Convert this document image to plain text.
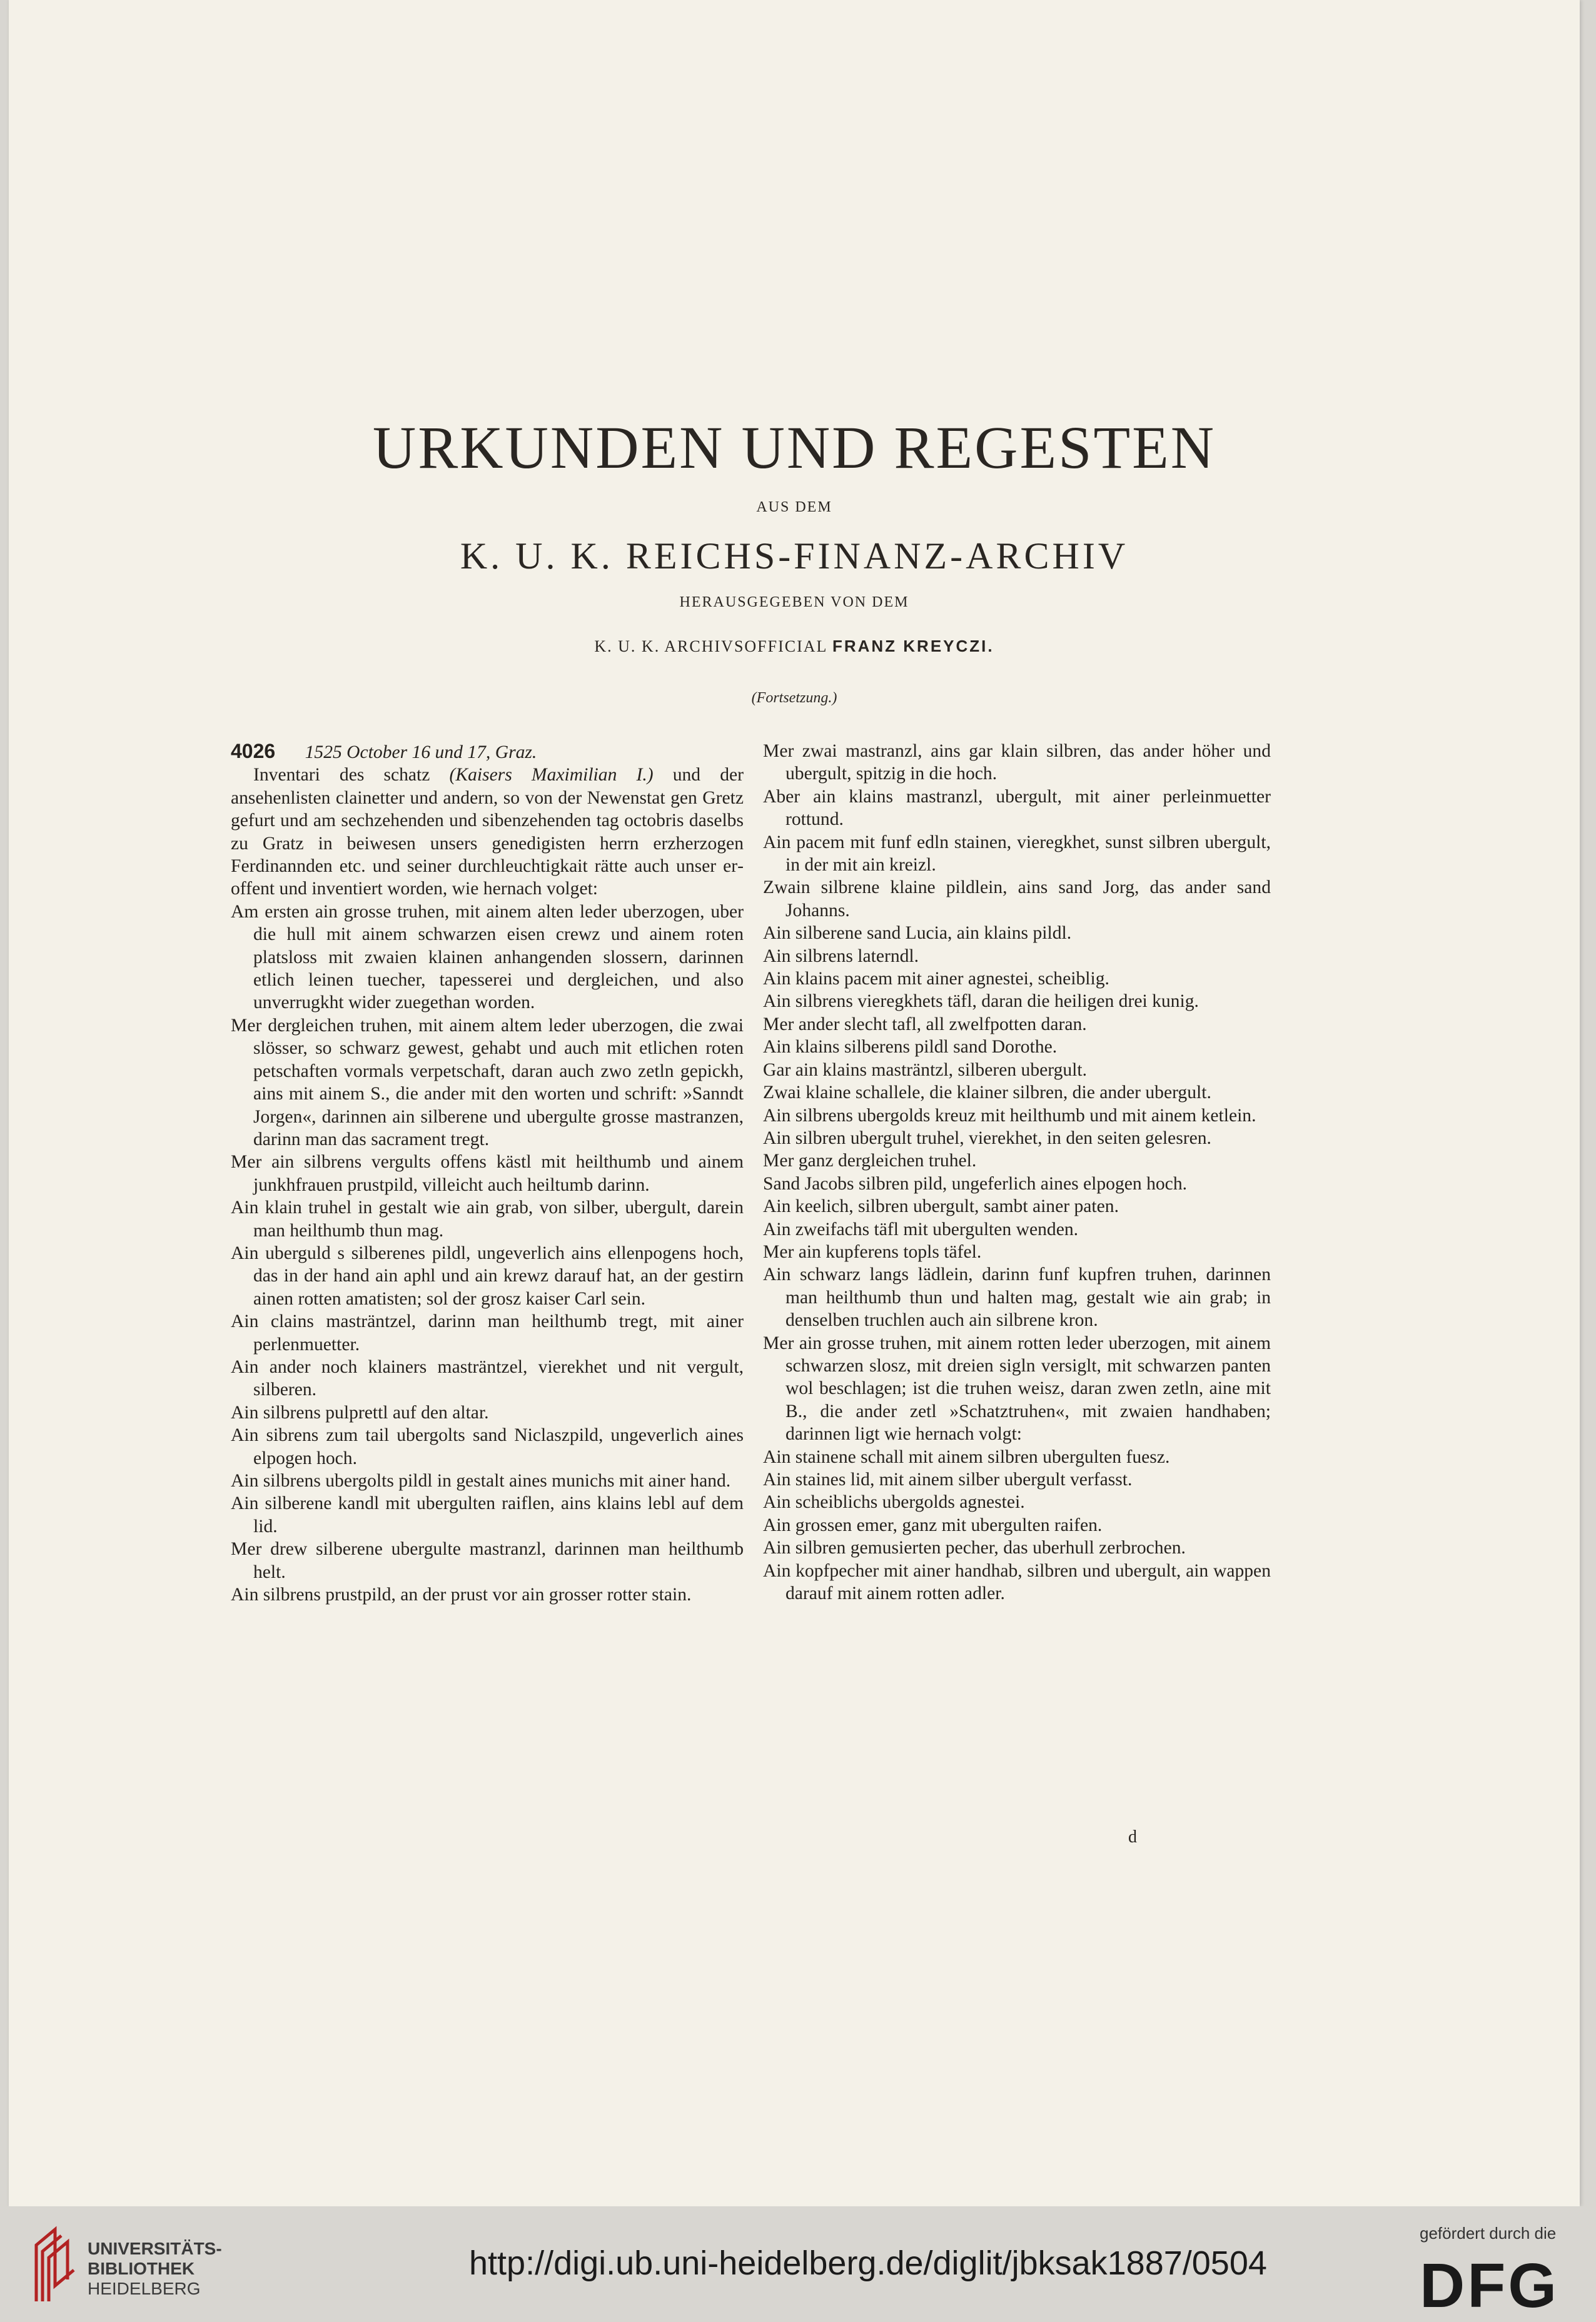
URKUNDEN UND REGESTEN
AUS DEM
K. U. K. REICHS-FINANZ-ARCHIV
HERAUSGEGEBEN VON DEM
K. U. K. ARCHIVSOFFICIAL FRANZ KREYCZI.
(Fortsetzung.)

4026 1525 October 16 und 17, Graz.

Inventari des schatz (Kaisers Maximilian I.) und der ansehenlisten clainetter und andern, so von der Newenstat gen Gretz gefurt und am sechzehenden und sibenzehenden tag octobris daselbs zu Gratz in beiwesen unsers genedigisten herrn erzherzogen Ferdinannden etc. und seiner durchleuchtigkait rätte auch unser eroffent und inventiert worden, wie hernach volget:

Am ersten ain grosse truhen, mit ainem alten leder uberzogen, uber die hull mit ainem schwarzen eisen crewz und ainem roten platsloss mit zwaien klainen anhangenden slossern, darinnen etlich leinen tuecher, tapesserei und dergleichen, und also unverrugkht wider zuegethan worden.

Mer dergleichen truhen, mit ainem altem leder uberzogen, die zwai slösser, so schwarz gewest, gehabt und auch mit etlichen roten petschaften vormals verpetschaft, daran auch zwo zetln gepickh, ains mit ainem S., die ander mit den worten und schrift: »Sanndt Jorgen«, darinnen ain silberene und ubergulte grosse mastranzen, darinn man das sacrament tregt.

Mer ain silbrens vergults offens kästl mit heilthumb und ainem junkhfrauen prustpild, villeicht auch heiltumb darinn.

Ain klain truhel in gestalt wie ain grab, von silber, ubergult, darein man heilthumb thun mag.

Ain uberguld s silberenes pildl, ungeverlich ains ellenpogens hoch, das in der hand ain aphl und ain krewz darauf hat, an der gestirn ainen rotten amatisten; sol der grosz kaiser Carl sein.

Ain clains masträntzel, darinn man heilthumb tregt, mit ainer perlenmuetter.

Ain ander noch klainers masträntzel, vierekhet und nit vergult, silberen.

Ain silbrens pulprettl auf den altar.

Ain sibrens zum tail ubergolts sand Niclaszpild, ungeverlich aines elpogen hoch.

Ain silbrens ubergolts pildl in gestalt aines munichs mit ainer hand.

Ain silberene kandl mit ubergulten raiflen, ains klains lebl auf dem lid.

Mer drew silberene ubergulte mastranzl, darinnen man heilthumb helt.

Ain silbrens prustpild, an der prust vor ain grosser rotter stain.

Mer zwai mastranzl, ains gar klain silbren, das ander höher und ubergult, spitzig in die hoch.

Aber ain klains mastranzl, ubergult, mit ainer perleinmuetter rottund.

Ain pacem mit funf edln stainen, vieregkhet, sunst silbren ubergult, in der mit ain kreizl.

Zwain silbrene klaine pildlein, ains sand Jorg, das ander sand Johanns.

Ain silberene sand Lucia, ain klains pildl.

Ain silbrens laterndl.

Ain klains pacem mit ainer agnestei, scheiblig.

Ain silbrens vieregkhets täfl, daran die heiligen drei kunig.

Mer ander slecht tafl, all zwelfpotten daran.

Ain klains silberens pildl sand Dorothe.

Gar ain klains masträntzl, silberen ubergult.

Zwai klaine schallele, die klainer silbren, die ander ubergult.

Ain silbrens ubergolds kreuz mit heilthumb und mit ainem ketlein.

Ain silbren ubergult truhel, vierekhet, in den seiten gelesren.

Mer ganz dergleichen truhel.

Sand Jacobs silbren pild, ungeferlich aines elpogen hoch.

Ain keelich, silbren ubergult, sambt ainer paten.

Ain zweifachs täfl mit ubergulten wenden.

Mer ain kupferens topls täfel.

Ain schwarz langs lädlein, darinn funf kupfren truhen, darinnen man heilthumb thun und halten mag, gestalt wie ain grab; in denselben truchlen auch ain silbrene kron.

Mer ain grosse truhen, mit ainem rotten leder uberzogen, mit ainem schwarzen slosz, mit dreien sigln versiglt, mit schwarzen panten wol beschlagen; ist die truhen weisz, daran zwen zetln, aine mit B., die ander zetl »Schatztruhen«, mit zwaien handhaben; darinnen ligt wie hernach volgt:

Ain stainene schall mit ainem silbren ubergulten fuesz.

Ain staines lid, mit ainem silber ubergult verfasst.

Ain scheiblichs ubergolds agnestei.

Ain grossen emer, ganz mit ubergulten raifen.

Ain silbren gemusierten pecher, das uberhull zerbrochen.

Ain kopfpecher mit ainer handhab, silbren und ubergult, ain wappen darauf mit ainem rotten adler.

d
UNIVERSITÄTS-
BIBLIOTHEK
HEIDELBERG
http://digi.ub.uni-heidelberg.de/diglit/jbksak1887/0504
gefördert durch die
DFG
